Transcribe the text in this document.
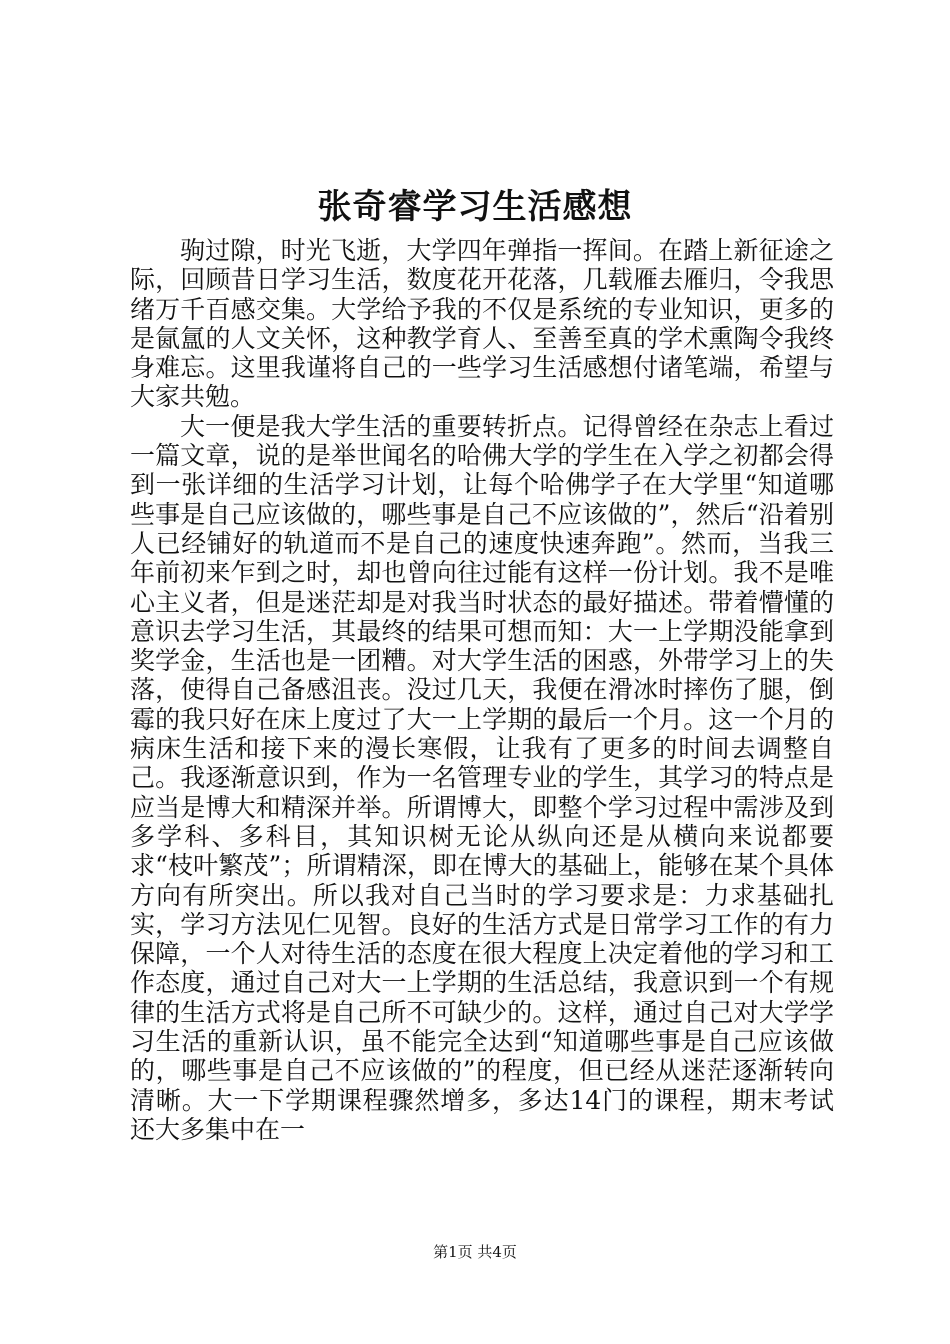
张奇睿学习生活感想

驹过隙，时光飞逝，大学四年弹指一挥间。在踏上新征途之际，回顾昔日学习生活，数度花开花落，几载雁去雁归，令我思绪万千百感交集。大学给予我的不仅是系统的专业知识，更多的是氤氲的人文关怀，这种教学育人、至善至真的学术熏陶令我终身难忘。这里我谨将自己的一些学习生活感想付诸笔端，希望与大家共勉。

大一便是我大学生活的重要转折点。记得曾经在杂志上看过一篇文章，说的是举世闻名的哈佛大学的学生在入学之初都会得到一张详细的生活学习计划，让每个哈佛学子在大学里“知道哪些事是自己应该做的，哪些事是自己不应该做的”，然后“沿着别人已经铺好的轨道而不是自己的速度快速奔跑”。然而，当我三年前初来乍到之时，却也曾向往过能有这样一份计划。我不是唯心主义者，但是迷茫却是对我当时状态的最好描述。带着懵懂的意识去学习生活，其最终的结果可想而知：大一上学期没能拿到奖学金，生活也是一团糟。对大学生活的困惑，外带学习上的失落，使得自己备感沮丧。没过几天，我便在滑冰时摔伤了腿，倒霉的我只好在床上度过了大一上学期的最后一个月。这一个月的病床生活和接下来的漫长寒假，让我有了更多的时间去调整自己。我逐渐意识到，作为一名管理专业的学生，其学习的特点是应当是博大和精深并举。所谓博大，即整个学习过程中需涉及到多学科、多科目，其知识树无论从纵向还是从横向来说都要求“枝叶繁茂”；所谓精深，即在博大的基础上，能够在某个具体方向有所突出。所以我对自己当时的学习要求是：力求基础扎实，学习方法见仁见智。良好的生活方式是日常学习工作的有力保障，一个人对待生活的态度在很大程度上决定着他的学习和工作态度，通过自己对大一上学期的生活总结，我意识到一个有规律的生活方式将是自己所不可缺少的。这样，通过自己对大学学习生活的重新认识，虽不能完全达到“知道哪些事是自己应该做的，哪些事是自己不应该做的”的程度，但已经从迷茫逐渐转向清晰。大一下学期课程骤然增多，多达14门的课程，期末考试还大多集中在一

第1页 共4页
